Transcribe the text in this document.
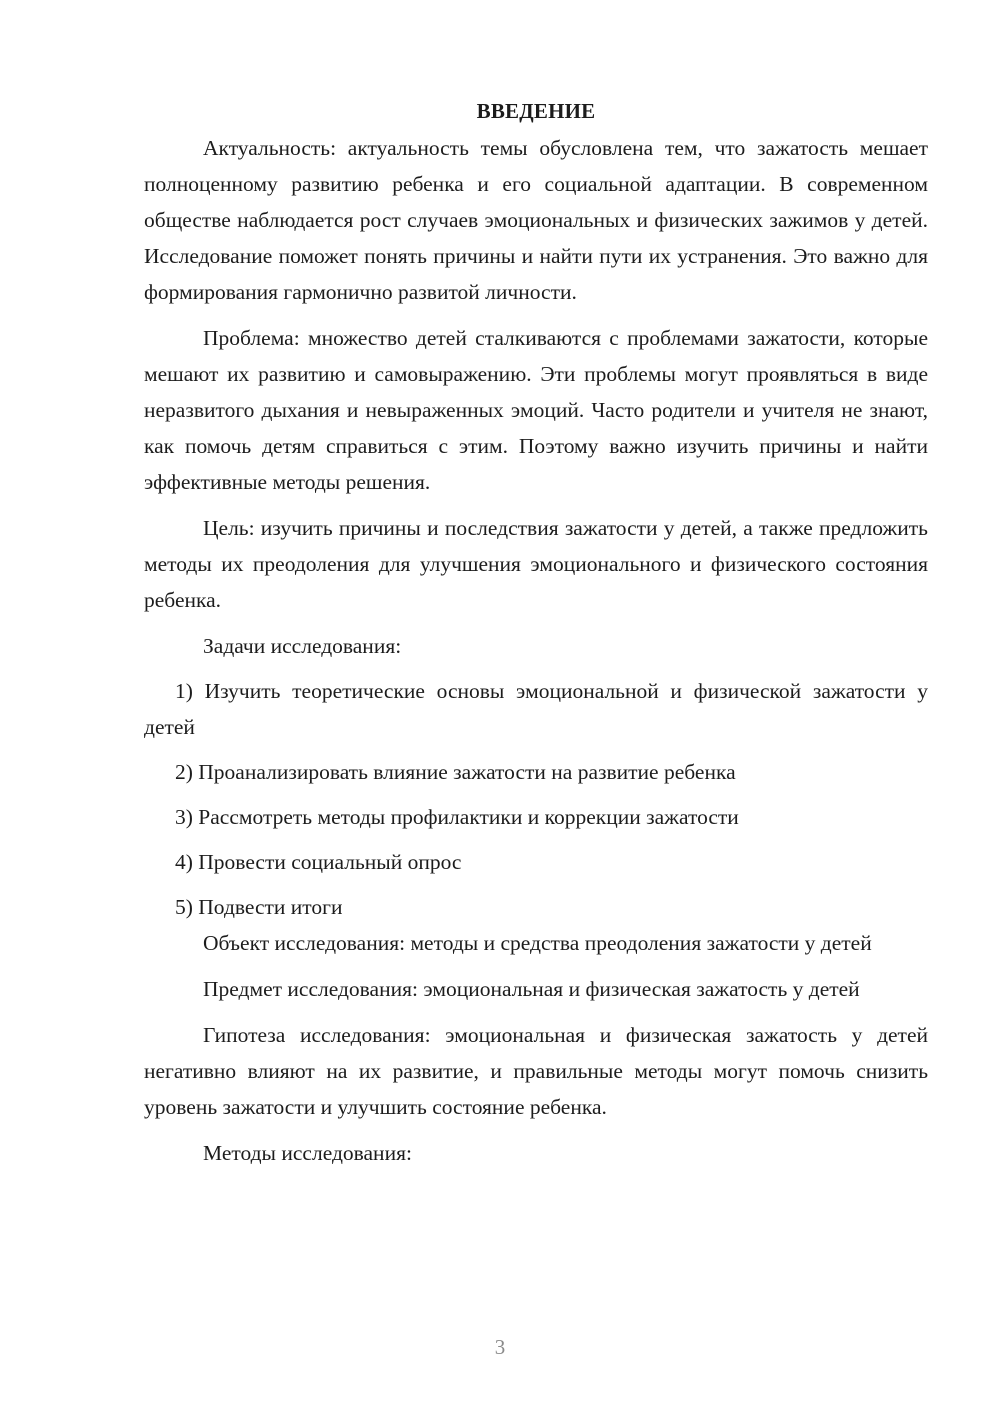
ВВЕДЕНИЕ

Актуальность: актуальность темы обусловлена тем, что зажатость мешает полноценному развитию ребенка и его социальной адаптации. В современном обществе наблюдается рост случаев эмоциональных и физических зажимов у детей. Исследование поможет понять причины и найти пути их устранения. Это важно для формирования гармонично развитой личности.

Проблема: множество детей сталкиваются с проблемами зажатости, которые мешают их развитию и самовыражению. Эти проблемы могут проявляться в виде неразвитого дыхания и невыраженных эмоций. Часто родители и учителя не знают, как помочь детям справиться с этим. Поэтому важно изучить причины и найти эффективные методы решения.

Цель: изучить причины и последствия зажатости у детей, а также предложить методы их преодоления для улучшения эмоционального и физического состояния ребенка.

Задачи исследования:

1) Изучить теоретические основы эмоциональной и физической зажатости у детей

2) Проанализировать влияние зажатости на развитие ребенка

3) Рассмотреть методы профилактики и коррекции зажатости

4) Провести социальный опрос

5) Подвести итоги

Объект исследования: методы и средства преодоления зажатости у детей

Предмет исследования: эмоциональная и физическая зажатость у детей

Гипотеза исследования: эмоциональная и физическая зажатость у детей негативно влияют на их развитие, и правильные методы могут помочь снизить уровень зажатости и улучшить состояние ребенка.

Методы исследования:

3
